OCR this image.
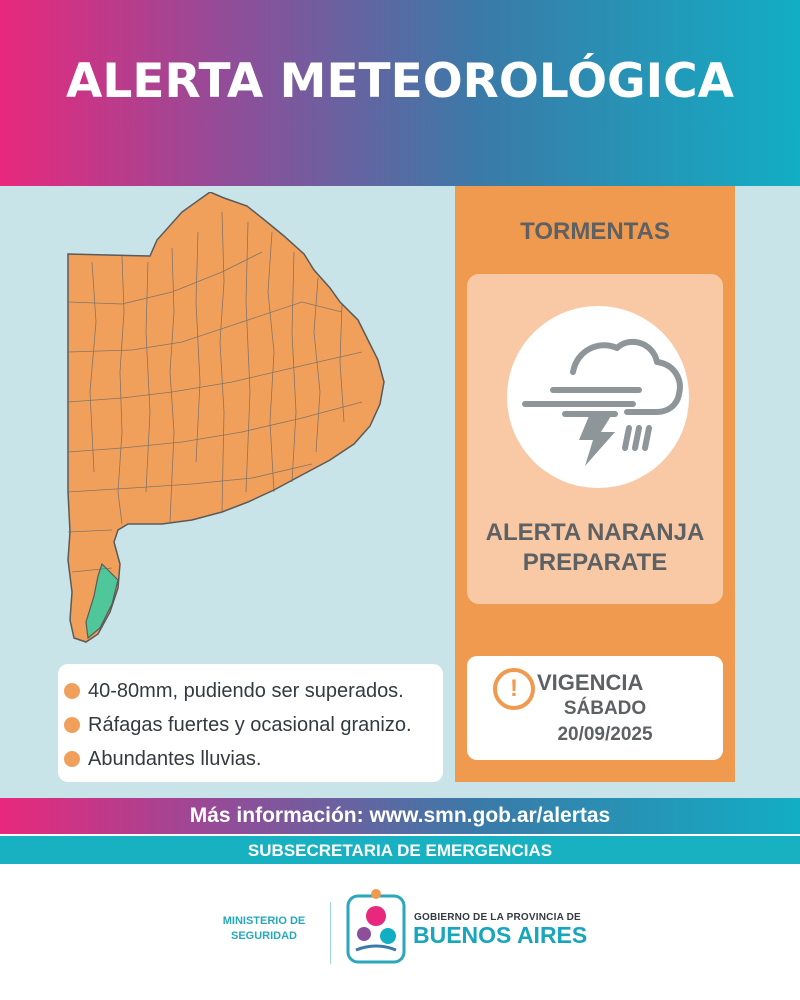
ALERTA METEOROLÓGICA
40-80mm, pudiendo ser superados.
Ráfagas fuertes y ocasional granizo.
Abundantes lluvias.
TORMENTAS
ALERTA NARANJA
PREPARATE
! VIGENCIA
SÁBADO
20/09/2025
Más información: www.smn.gob.ar/alertas
SUBSECRETARIA DE EMERGENCIAS
MINISTERIO DE
SEGURIDAD
GOBIERNO DE LA PROVINCIA DE
BUENOS AIRES
